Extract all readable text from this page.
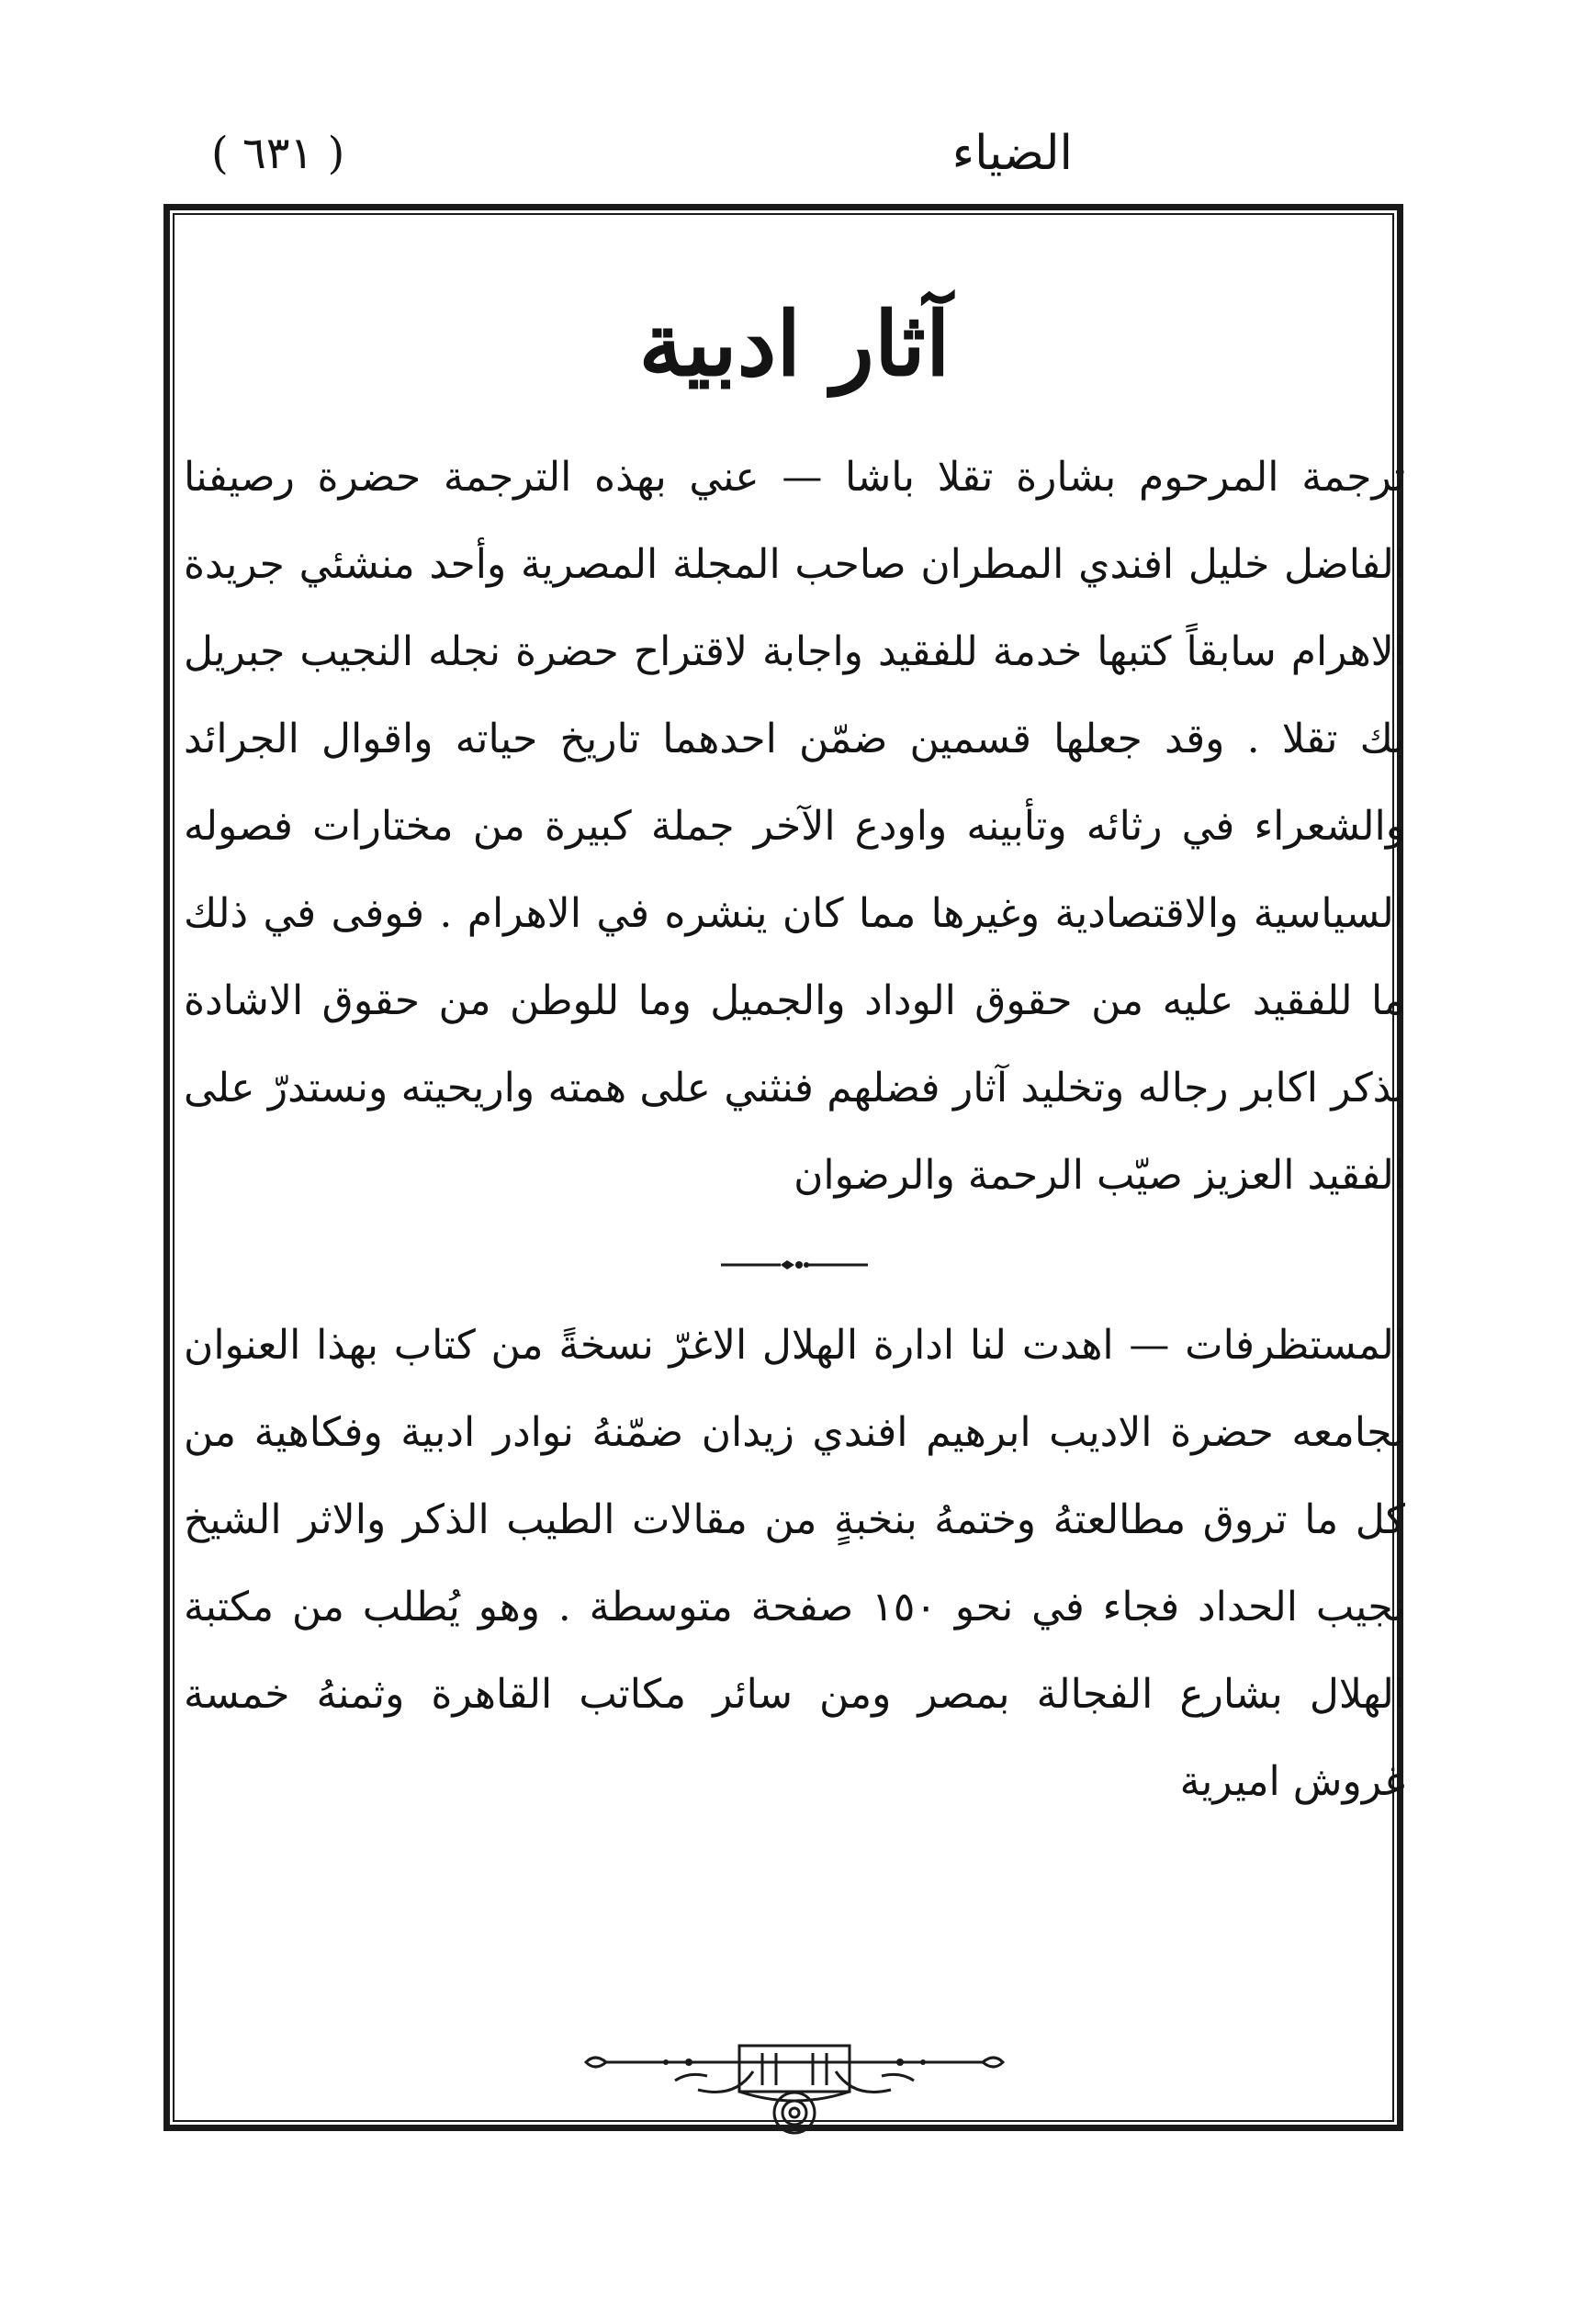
الضياء
( ٦٣١ )
آثار ادبية

ترجمة المرحوم بشارة تقلا باشا — عني بهذه الترجمة حضرة رصيفنا الفاضل خليل افندي المطران صاحب المجلة المصرية وأحد منشئي جريدة الاهرام سابقاً كتبها خدمة للفقيد واجابة لاقتراح حضرة نجله النجيب جبريل بك تقلا . وقد جعلها قسمين ضمّن احدهما تاريخ حياته واقوال الجرائد والشعراء في رثائه وتأبينه واودع الآخر جملة كبيرة من مختارات فصوله السياسية والاقتصادية وغيرها مما كان ينشره في الاهرام . فوفى في ذلك ما للفقيد عليه من حقوق الوداد والجميل وما للوطن من حقوق الاشادة بذكر اكابر رجاله وتخليد آثار فضلهم فنثني على همته واريحيته ونستدرّ على الفقيد العزيز صيّب الرحمة والرضوان

المستظرفات — اهدت لنا ادارة الهلال الاغرّ نسخةً من كتاب بهذا العنوان لجامعه حضرة الاديب ابرهيم افندي زيدان ضمّنهُ نوادر ادبية وفكاهية من كل ما تروق مطالعتهُ وختمهُ بنخبةٍ من مقالات الطيب الذكر والاثر الشيخ نجيب الحداد فجاء في نحو ١٥٠ صفحة متوسطة . وهو يُطلب من مكتبة الهلال بشارع الفجالة بمصر ومن سائر مكاتب القاهرة وثمنهُ خمسة غروش اميرية
